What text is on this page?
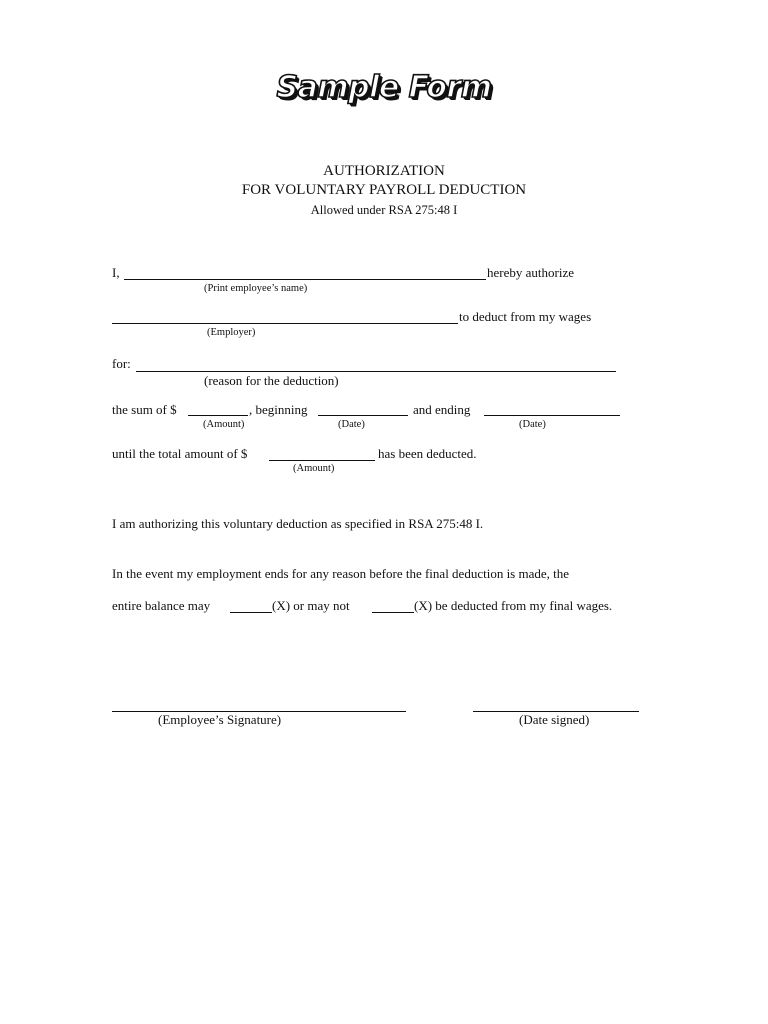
Sample Form
AUTHORIZATION
FOR VOLUNTARY PAYROLL DEDUCTION
Allowed under RSA 275:48 I
I,	hereby authorize
(Print employee’s name)
to deduct from my wages
(Employer)
for:
(reason for the deduction)
the sum of $	, beginning	and ending
(Amount)	(Date)	(Date)
until the total amount of $	has been deducted.
(Amount)
I am authorizing this voluntary deduction as specified in RSA 275:48 I.
In the event my employment ends for any reason before the final deduction is made, the
entire balance may	(X) or may not	(X) be deducted from my final wages.
(Employee’s Signature)	(Date signed)
